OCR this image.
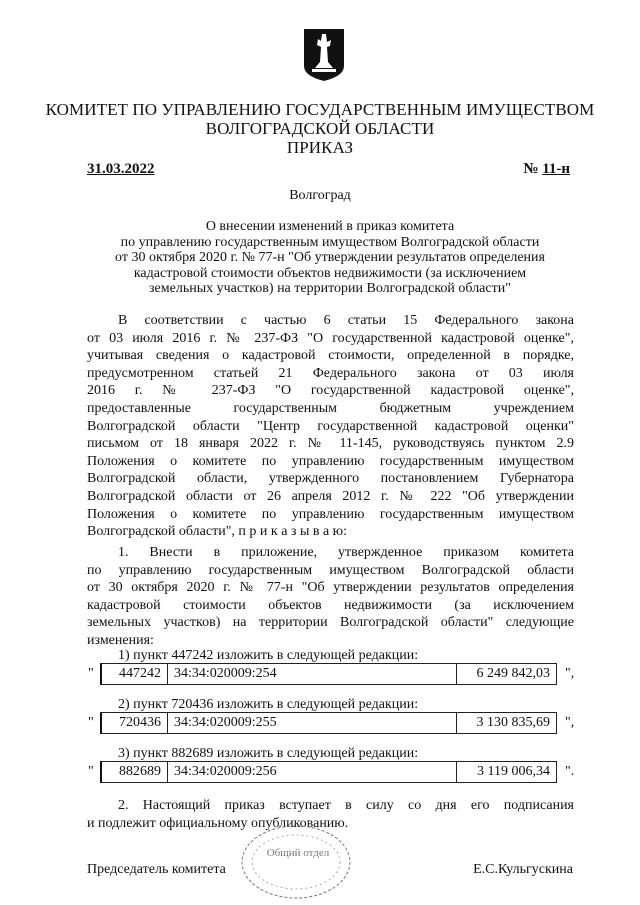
КОМИТЕТ ПО УПРАВЛЕНИЮ ГОСУДАРСТВЕННЫМ ИМУЩЕСТВОМ
ВОЛГОГРАДСКОЙ ОБЛАСТИ
ПРИКАЗ
31.03.2022	№ 11-н
Волгоград
О внесении изменений в приказ комитета
по управлению государственным имуществом Волгоградской области
от 30 октября 2020 г. № 77-н "Об утверждении результатов определения
кадастровой стоимости объектов недвижимости (за исключением
земельных участков) на территории Волгоградской области"
В соответствии с частью 6 статьи 15 Федерального закона
от 03 июля 2016 г. № 237-ФЗ "О государственной кадастровой оценке",
учитывая сведения о кадастровой стоимости, определенной в порядке,
предусмотренном статьей 21 Федерального закона от 03 июля
2016 г. № 237-ФЗ "О государственной кадастровой оценке",
предоставленные государственным бюджетным учреждением
Волгоградской области "Центр государственной кадастровой оценки"
письмом от 18 января 2022 г. № 11-145, руководствуясь пунктом 2.9
Положения о комитете по управлению государственным имуществом
Волгоградской области, утвержденного постановлением Губернатора
Волгоградской области от 26 апреля 2012 г. № 222 "Об утверждении
Положения о комитете по управлению государственным имуществом
Волгоградской области", п р и к а з ы в а ю:
1. Внести в приложение, утвержденное приказом комитета
по управлению государственным имуществом Волгоградской области
от 30 октября 2020 г. № 77-н "Об утверждении результатов определения
кадастровой стоимости объектов недвижимости (за исключением
земельных участков) на территории Волгоградской области" следующие
изменения:
1) пункт 447242 изложить в следующей редакции:
"	447242 34:34:020009:254	6 249 842,03	",
2) пункт 720436 изложить в следующей редакции:
"	720436 34:34:020009:255	3 130 835,69	",
3) пункт 882689 изложить в следующей редакции:
"	882689 34:34:020009:256	3 119 006,34	".
2. Настоящий приказ вступает в силу со дня его подписания
и подлежит официальному опубликованию.
Общий отдел
Председатель комитета	Е.С.Кульгускина
